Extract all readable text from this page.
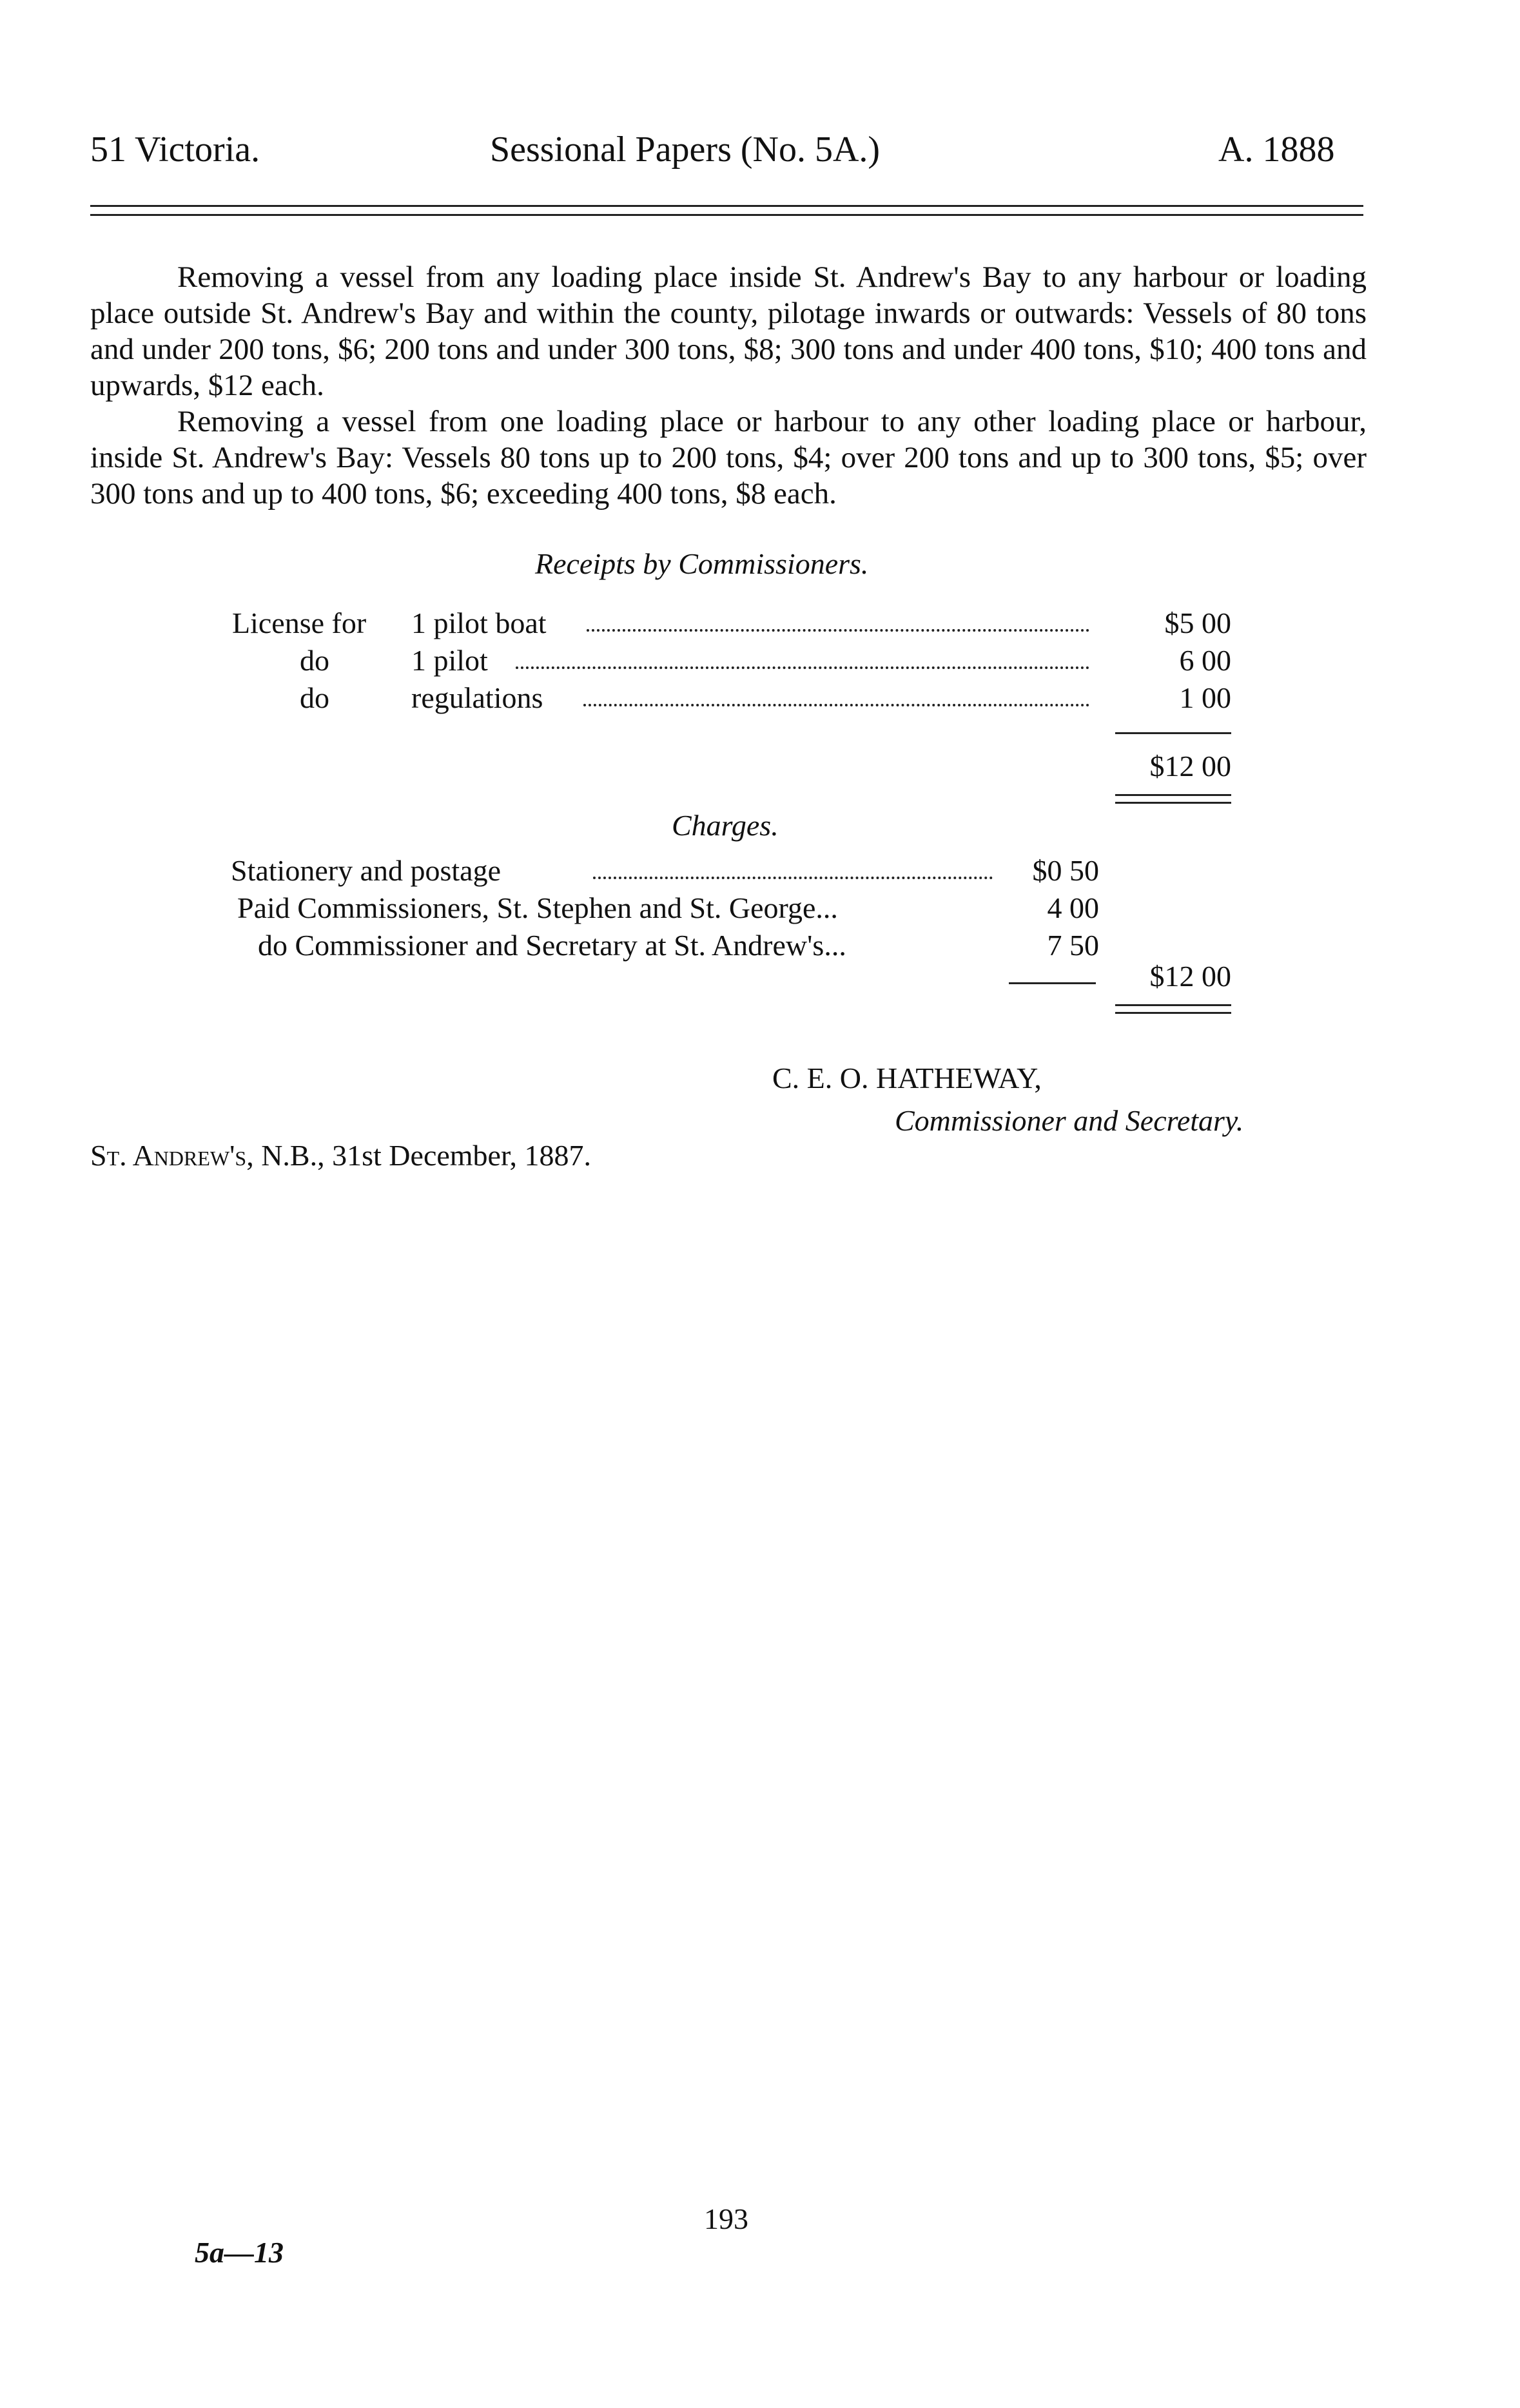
51 Victoria.	Sessional Papers (No. 5A.)	A. 1888

Removing a vessel from any loading place inside St. Andrew's Bay to any harbour or loading place outside St. Andrew's Bay and within the county, pilotage inwards or outwards: Vessels of 80 tons and under 200 tons, $6; 200 tons and under 300 tons, $8; 300 tons and under 400 tons, $10; 400 tons and upwards, $12 each.

Removing a vessel from one loading place or harbour to any other loading place or harbour, inside St. Andrew's Bay: Vessels 80 tons up to 200 tons, $4; over 200 tons and up to 300 tons, $5; over 300 tons and up to 400 tons, $6; exceeding 400 tons, $8 each.

Receipts by Commissioners.
License for 1 pilot boat	$5 00
do	1 pilot	6 00
do	regulations	1 00
$12 00
Charges.
Stationery and postage	$0 50
Paid Commissioners, St. Stephen and St. George...	4 00
do Commissioner and Secretary at St. Andrew's...	7 50
$12 00
C. E. O. HATHEWAY,
Commissioner and Secretary.
St. Andrew's, N.B., 31st December, 1887.
193
5a—13
